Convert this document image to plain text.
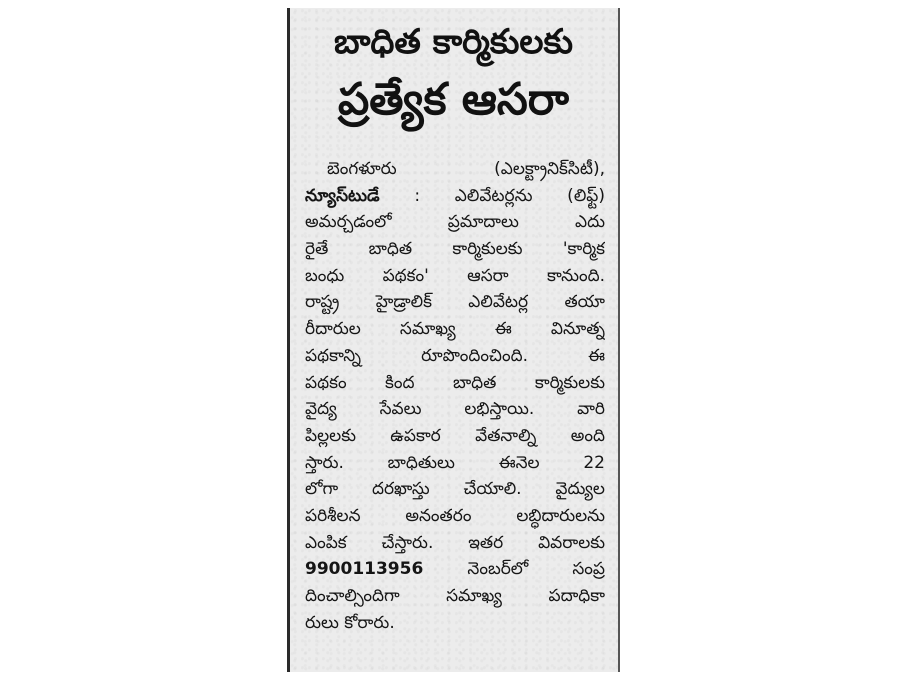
బాధిత కార్మికులకు
ప్రత్యేక ఆసరా
బెంగళూరు (ఎలక్ట్రానిక్‌సిటీ),
న్యూస్‌టుడే : ఎలివేటర్లను (లిఫ్ట్)
అమర్చడంలో ప్రమాదాలు ఎదు
రైతే బాధిత కార్మికులకు 'కార్మిక
బంధు పథకం' ఆసరా కానుంది.
రాష్ట్ర హైడ్రాలిక్ ఎలివేటర్ల తయా
రీదారుల సమాఖ్య ఈ వినూత్న
పథకాన్ని రూపొందించింది. ఈ
పథకం కింద బాధిత కార్మికులకు
వైద్య సేవలు లభిస్తాయి. వారి
పిల్లలకు ఉపకార వేతనాల్ని అంది
స్తారు. బాధితులు ఈనెల 22
లోగా దరఖాస్తు చేయాలి. వైద్యుల
పరిశీలన అనంతరం లబ్ధిదారులను
ఎంపిక చేస్తారు. ఇతర వివరాలకు
9900113956	నెంబర్‌లో సంప్ర
దించాల్సిందిగా సమాఖ్య పదాధికా
రులు కోరారు.
